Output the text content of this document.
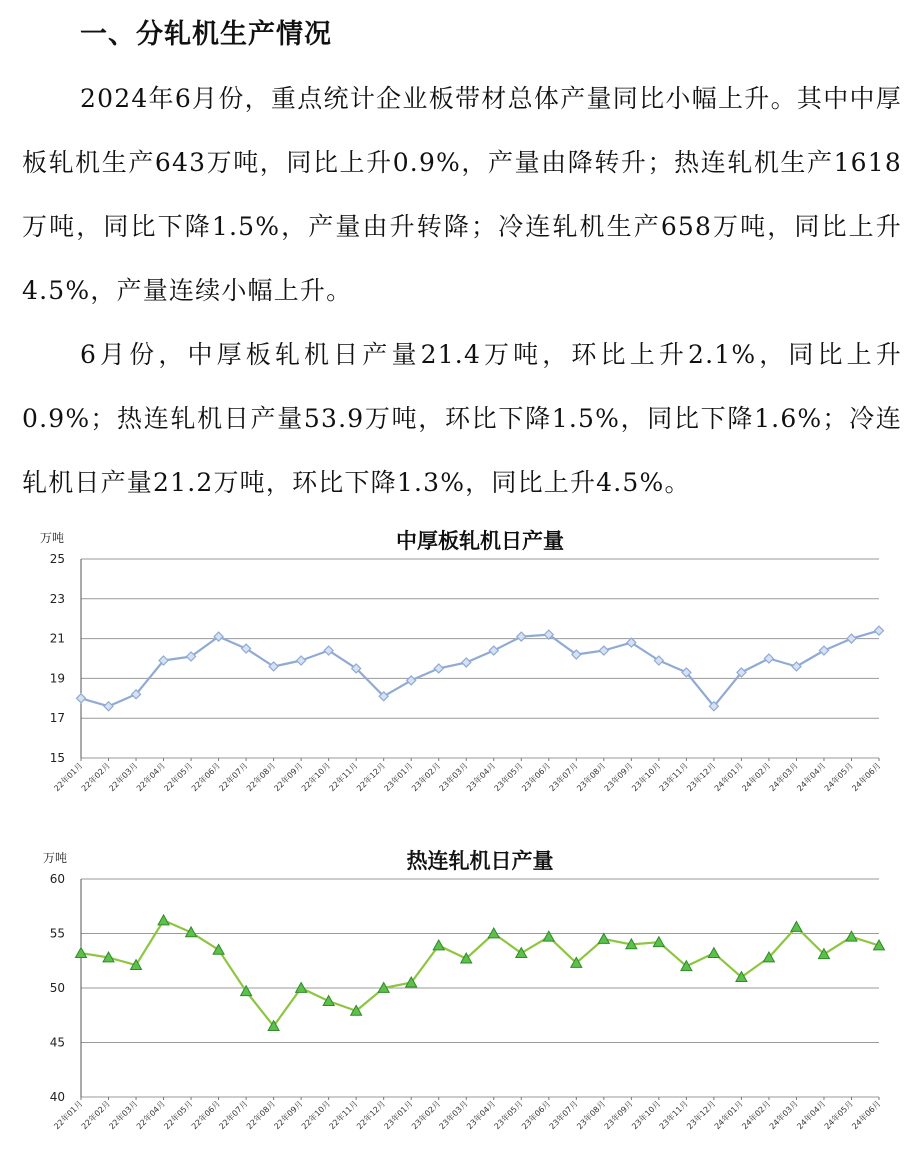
一、分轧机生产情况
2024年6月份，重点统计企业板带材总体产量同比小幅上升。其中中厚板轧机生产643万吨，同比上升0.9%，产量由降转升；热连轧机生产1618万吨，同比下降1.5%，产量由升转降；冷连轧机生产658万吨，同比上升4.5%，产量连续小幅上升。
6月份，中厚板轧机日产量21.4万吨，环比上升2.1%，同比上升0.9%；热连轧机日产量53.9万吨，环比下降1.5%，同比下降1.6%；冷连轧机日产量21.2万吨，环比下降1.3%，同比上升4.5%。
中厚板轧机日产量
万吨
15
17
19
21
23
25
22年01月
22年02月
22年03月
22年04月
22年05月
22年06月
22年07月
22年08月
22年09月
22年10月
22年11月
22年12月
23年01月
23年02月
23年03月
23年04月
23年05月
23年06月
23年07月
23年08月
23年09月
23年10月
23年11月
23年12月
24年01月
24年02月
24年03月
24年04月
24年05月
24年06月
热连轧机日产量
万吨
40
45
50
55
60
22年01月
22年02月
22年03月
22年04月
22年05月
22年06月
22年07月
22年08月
22年09月
22年10月
22年11月
22年12月
23年01月
23年02月
23年03月
23年04月
23年05月
23年06月
23年07月
23年08月
23年09月
23年10月
23年11月
23年12月
24年01月
24年02月
24年03月
24年04月
24年05月
24年06月
